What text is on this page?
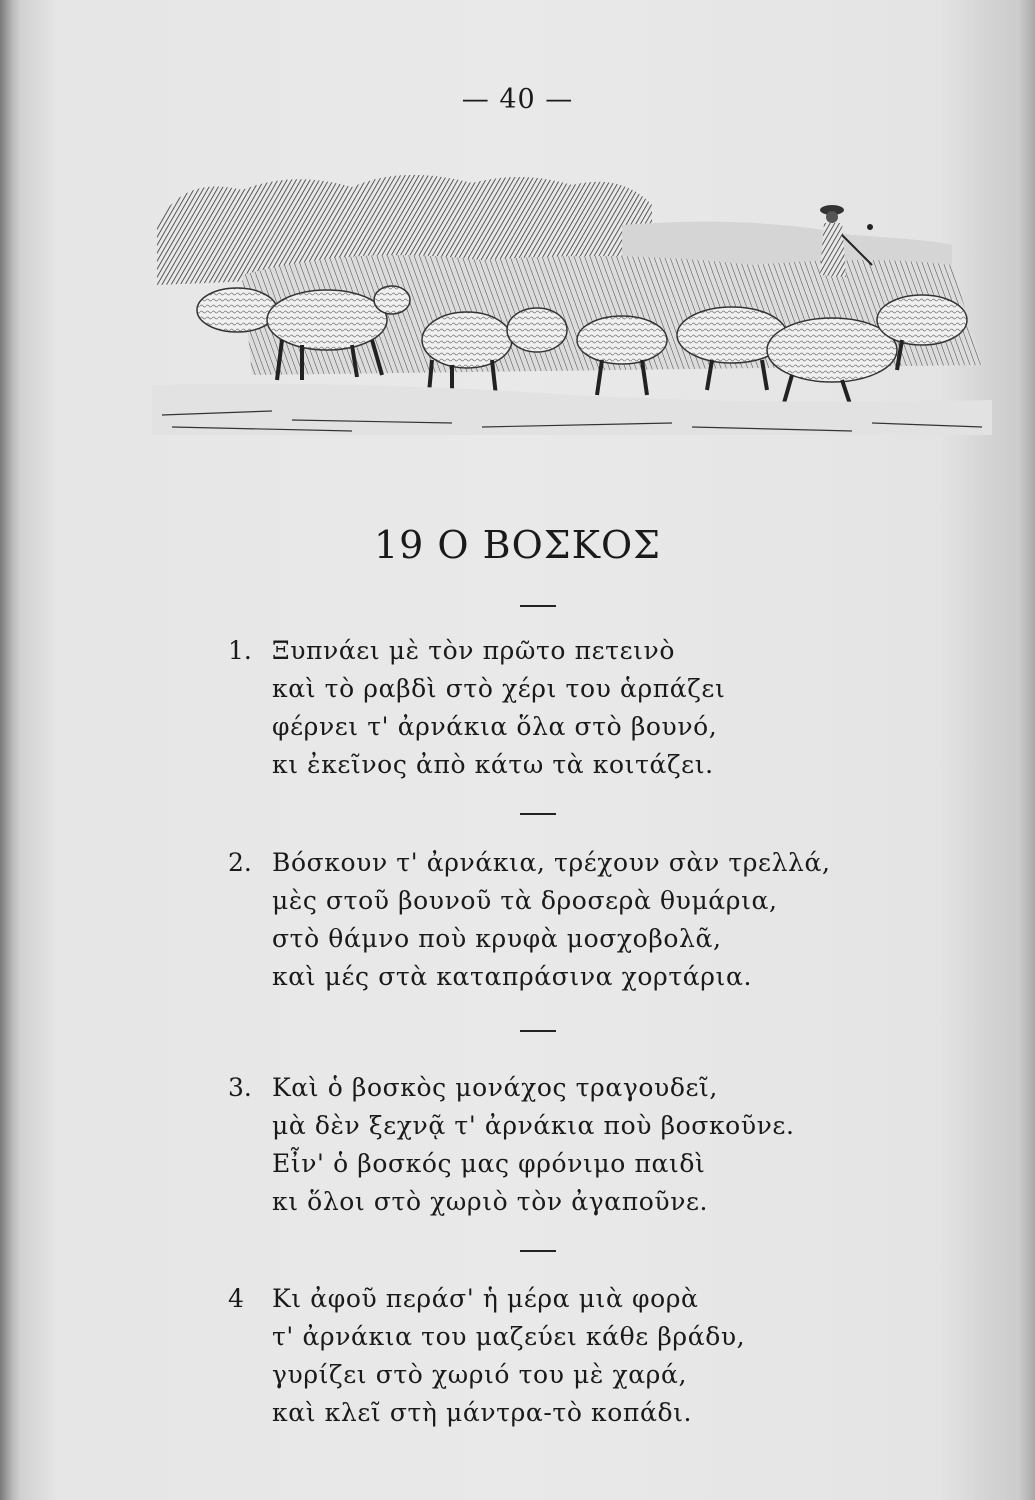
— 40 —
19 Ο ΒΟΣΚΟΣ
1. Ξυπνάει μὲ τὸν πρῶτο πετεινὸ
καὶ τὸ ραβδὶ στὸ χέρι του ἁρπάζει
φέρνει τ' ἀρνάκια ὅλα στὸ βουνό,
κι ἐκεῖνος ἀπὸ κάτω τὰ κοιτάζει.
2. Βόσκουν τ' ἀρνάκια, τρέχουν σὰν τρελλά,
μὲς στοῦ βουνοῦ τὰ δροσερὰ θυμάρια,
στὸ θάμνο ποὺ κρυφὰ μοσχοβολᾶ,
καὶ μές στὰ καταπράσινα χορτάρια.
3. Καὶ ὁ βοσκὸς μονάχος τραγουδεῖ,
μὰ δὲν ξεχνᾷ τ' ἀρνάκια ποὺ βοσκοῦνε.
Εἶν' ὁ βοσκός μας φρόνιμο παιδὶ
κι ὅλοι στὸ χωριὸ τὸν ἀγαποῦνε.
4 Κι ἀφοῦ περάσ' ἡ μέρα μιὰ φορὰ
τ' ἀρνάκια του μαζεύει κάθε βράδυ,
γυρίζει στὸ χωριό του μὲ χαρά,
καὶ κλεῖ στὴ μάντρα-τὸ κοπάδι.
